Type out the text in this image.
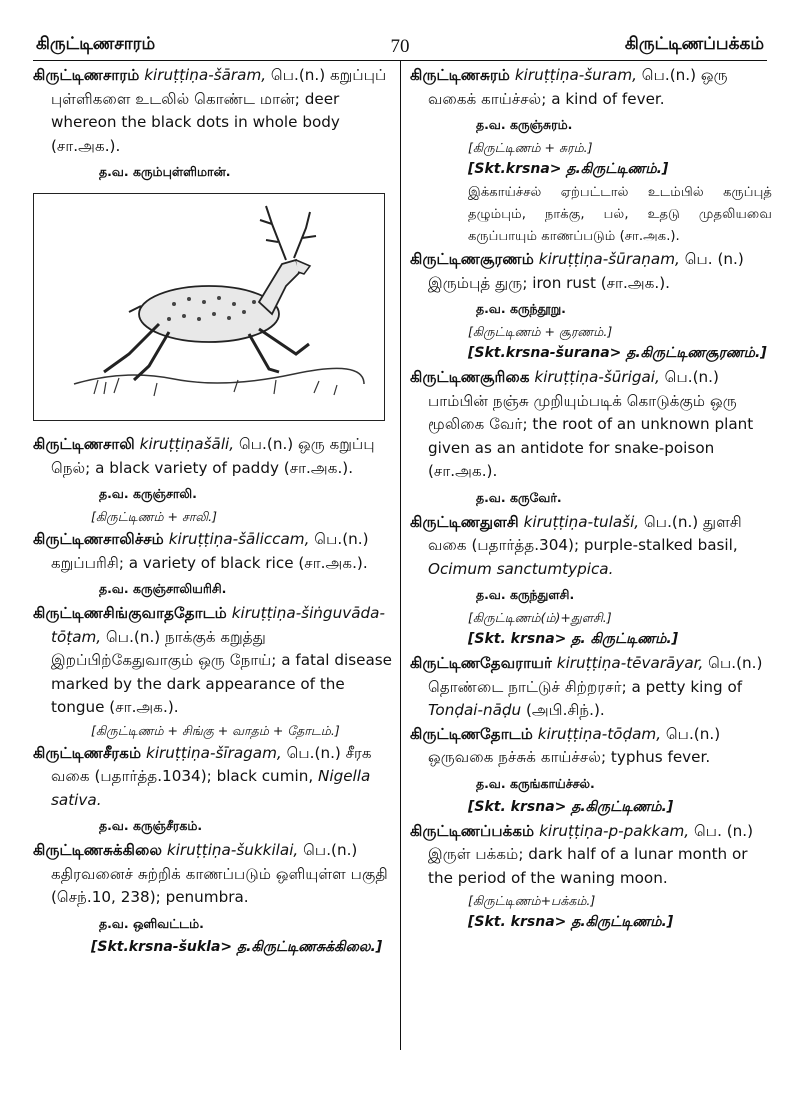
கிருட்டிணசாரம்	70	கிருட்டிணப்பக்கம்

கிருட்டிணசாரம் kiruṭṭiṇa-šāram, பெ.(n.) கறுப்புப் புள்ளிகளை உடலில் கொண்ட மான்; deer whereon the black dots in whole body (சா.அக.).

த.வ. கரும்புள்ளிமான்.

கிருட்டிணசாலி kiruṭṭiṇašāli, பெ.(n.) ஒரு கறுப்பு நெல்; a black variety of paddy (சா.அக.).

த.வ. கருஞ்சாலி.
[கிருட்டிணம் + சாலி.]

கிருட்டிணசாலிச்சம் kiruṭṭiṇa-šāliccam, பெ.(n.) கறுப்பரிசி; a variety of black rice (சா.அக.).

த.வ. கருஞ்சாலியரிசி.

கிருட்டிணசிங்குவாததோடம் kiruṭṭiṇa-šiṅguvāda-tōṭam, பெ.(n.) நாக்குக் கறுத்து இறப்பிற்கேதுவாகும் ஒரு நோய்; a fatal disease marked by the dark appearance of the tongue (சா.அக.).

[கிருட்டிணம் + சிங்கு + வாதம் + தோடம்.]

கிருட்டிணசீரகம் kiruṭṭiṇa-šīragam, பெ.(n.) சீரக வகை (பதார்த்த.1034); black cumin, Nigella sativa.

த.வ. கருஞ்சீரகம்.

கிருட்டிணசுக்கிலை kiruṭṭiṇa-šukkilai, பெ.(n.) கதிரவனைச் சுற்றிக் காணப்படும் ஒளியுள்ள பகுதி (செந்.10, 238); penumbra.

த.வ. ஒளிவட்டம்.
[Skt.krsna-šukla> த.கிருட்டிணசுக்கிலை.]

கிருட்டிணசுரம் kiruṭṭiṇa-šuram, பெ.(n.) ஒரு வகைக் காய்ச்சல்; a kind of fever.

த.வ. கருஞ்சுரம்.
[கிருட்டிணம் + சுரம்.]
[Skt.krsna> த.கிருட்டிணம்.]

இக்காய்ச்சல் ஏற்பட்டால் உடம்பில் கருப்புத் தழும்பும், நாக்கு, பல், உதடு முதலியவை கருப்பாயும் காணப்படும் (சா.அக.).

கிருட்டிணசூரணம் kiruṭṭiṇa-šūraṇam, பெ. (n.) இரும்புத் துரு; iron rust (சா.அக.).

த.வ. கருந்தூறு.
[கிருட்டிணம் + சூரணம்.]
[Skt.krsna-šurana> த.கிருட்டிணசூரணம்.]

கிருட்டிணசூரிகை kiruṭṭiṇa-šūrigai, பெ.(n.) பாம்பின் நஞ்சு முறியும்படிக் கொடுக்கும் ஒரு மூலிகை வேர்; the root of an unknown plant given as an antidote for snake-poison (சா.அக.).

த.வ. கருவேர்.

கிருட்டிணதுளசி kiruṭṭiṇa-tulaši, பெ.(n.) துளசி வகை (பதார்த்த.304); purple-stalked basil, Ocimum sanctumtypica.

த.வ. கருந்துளசி.
[கிருட்டிணம்(ம்)+துளசி.]
[Skt. krsna> த. கிருட்டிணம்.]

கிருட்டிணதேவராயர் kiruṭṭiṇa-tēvarāyar, பெ.(n.) தொண்டை நாட்டுச் சிற்றரசர்; a petty king of Tonḍai-nāḍu (அபி.சிந்.).

கிருட்டிணதோடம் kiruṭṭiṇa-tōḍam, பெ.(n.) ஒருவகை நச்சுக் காய்ச்சல்; typhus fever.

த.வ. கருங்காய்ச்சல்.
[Skt. krsna> த.கிருட்டிணம்.]

கிருட்டிணப்பக்கம் kiruṭṭiṇa-p-pakkam, பெ. (n.) இருள் பக்கம்; dark half of a lunar month or the period of the waning moon.

[கிருட்டிணம்+பக்கம்.]
[Skt. krsna> த.கிருட்டிணம்.]
